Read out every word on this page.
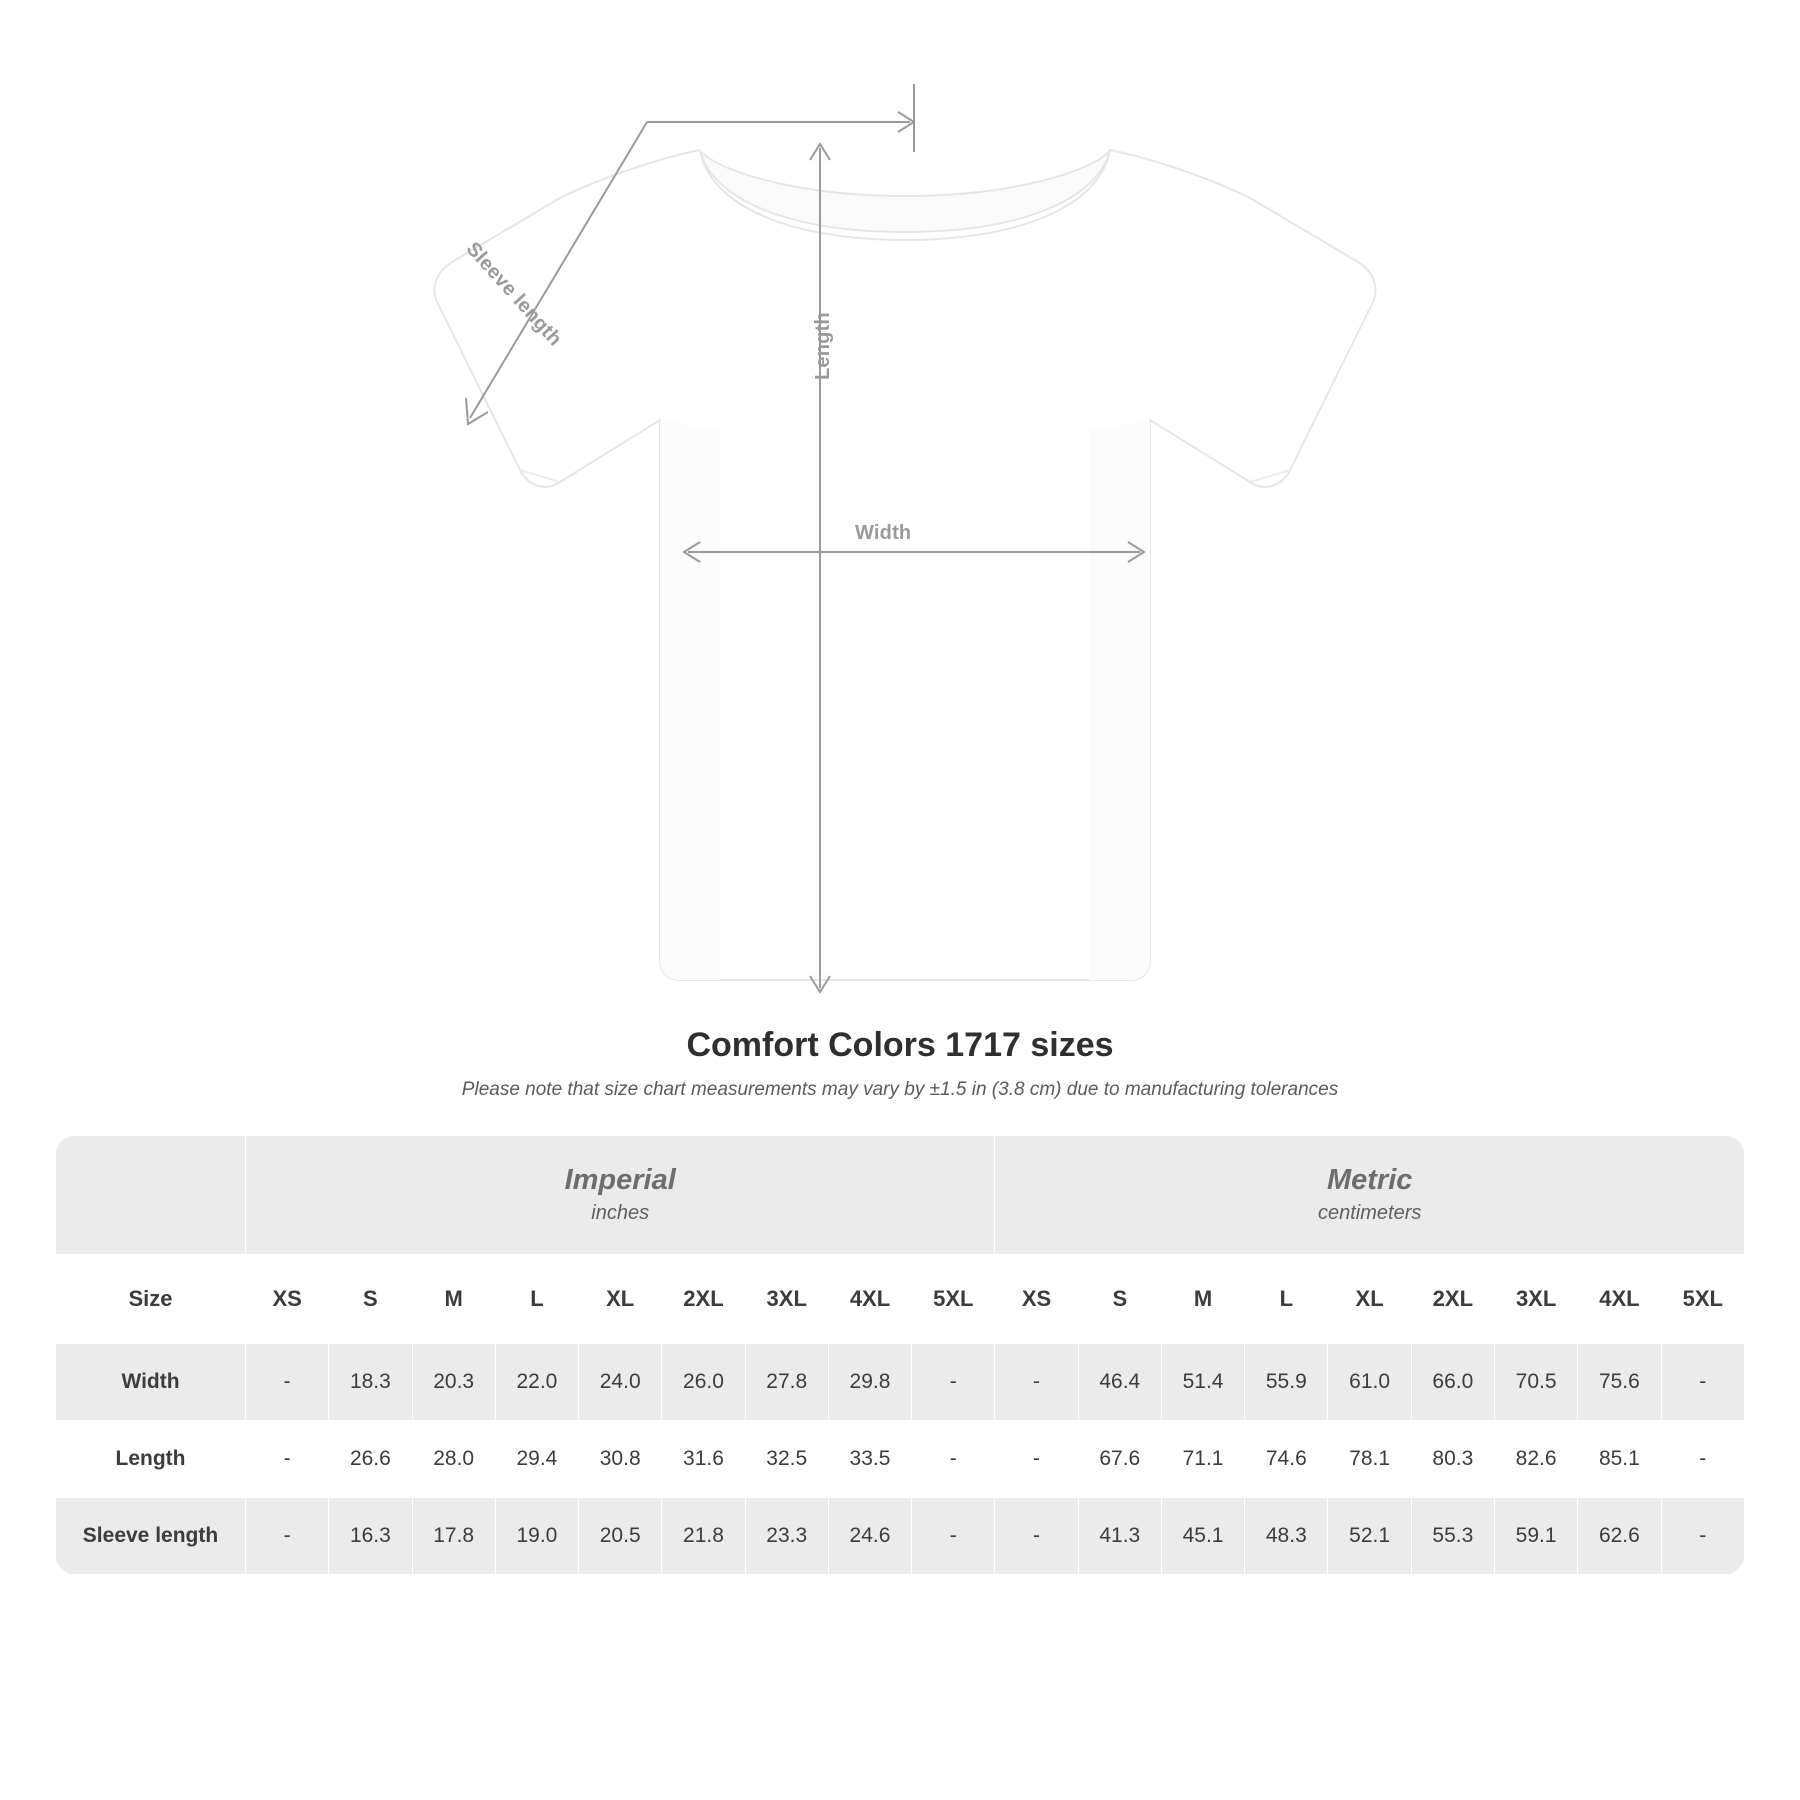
Length
Width
Sleeve length
Comfort Colors 1717 sizes

Please note that size chart measurements may vary by ±1.5 in (3.8 cm) due to manufacturing tolerances

Imperial
inches

Metric
centimeters

Size	XS	S	M	L	XL	2XL	3XL	4XL	5XL	XS	S	M	L	XL	2XL	3XL	4XL	5XL
Width	-	18.3	20.3	22.0	24.0	26.0	27.8	29.8	-	-	46.4	51.4	55.9	61.0	66.0	70.5	75.6	-
Length	-	26.6	28.0	29.4	30.8	31.6	32.5	33.5	-	-	67.6	71.1	74.6	78.1	80.3	82.6	85.1	-
Sleeve length	-	16.3	17.8	19.0	20.5	21.8	23.3	24.6	-	-	41.3	45.1	48.3	52.1	55.3	59.1	62.6	-
